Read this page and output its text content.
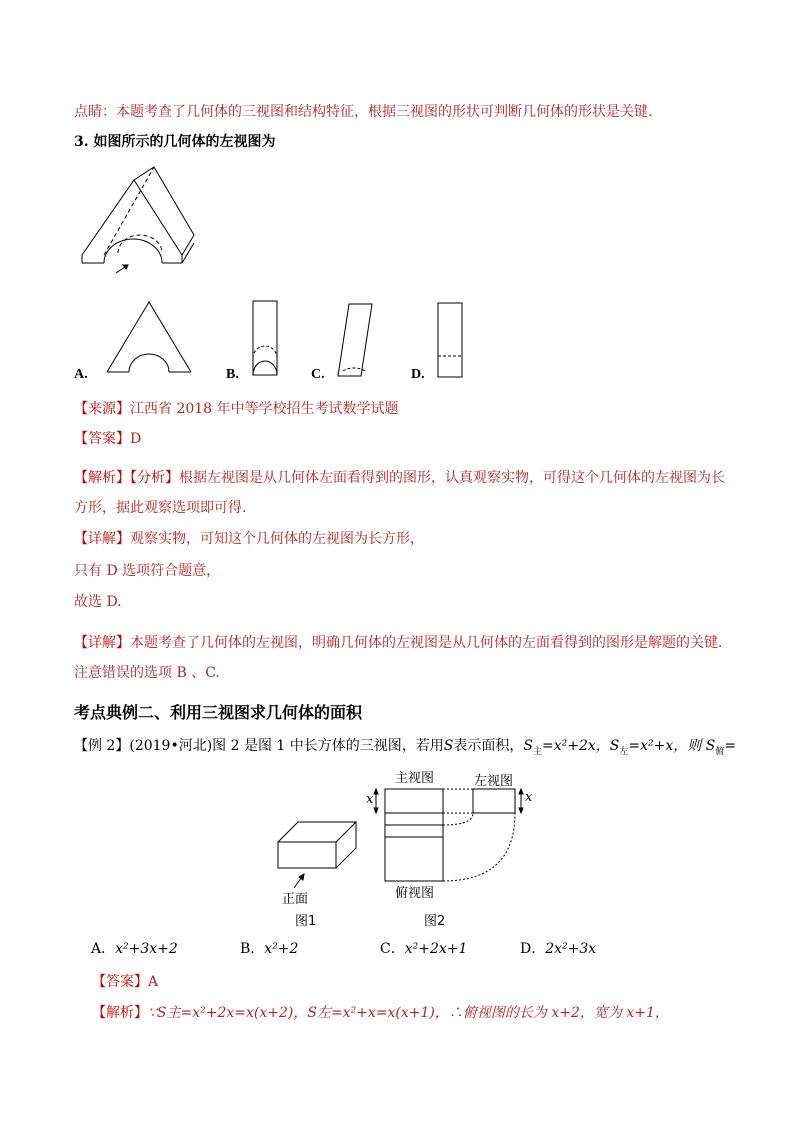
点睛：本题考查了几何体的三视图和结构特征，根据三视图的形状可判断几何体的形状是关键．
3. 如图所示的几何体的左视图为
A.	B.	C.	D.
【来源】江西省 2018 年中等学校招生考试数学试题
【答案】D
【解析】【分析】根据左视图是从几何体左面看得到的图形，认真观察实物，可得这个几何体的左视图为长
方形，据此观察选项即可得.
【详解】观察实物，可知这个几何体的左视图为长方形，
只有 D 选项符合题意，
故选 D.
【详解】本题考查了几何体的左视图，明确几何体的左视图是从几何体的左面看得到的图形是解题的关键.
注意错误的选项 B 、C.
考点典例二、利用三视图求几何体的面积
【例 2】(2019•河北)图 2 是图 1 中长方体的三视图，若用S表示面积，$S_主=x^2+2x$，$S_左=x^2+x$，则 $S_俯=$
正面
图1
主视图	左视图
俯视图
x	x
图2
A．x²+3x+2	B．x²+2	C．x²+2x+1	D．2x²+3x
【答案】A
【解析】∵S主=x²+2x=x(x+2)，S左=x²+x=x(x+1)，∴俯视图的长为 x+2，宽为 x+1，
